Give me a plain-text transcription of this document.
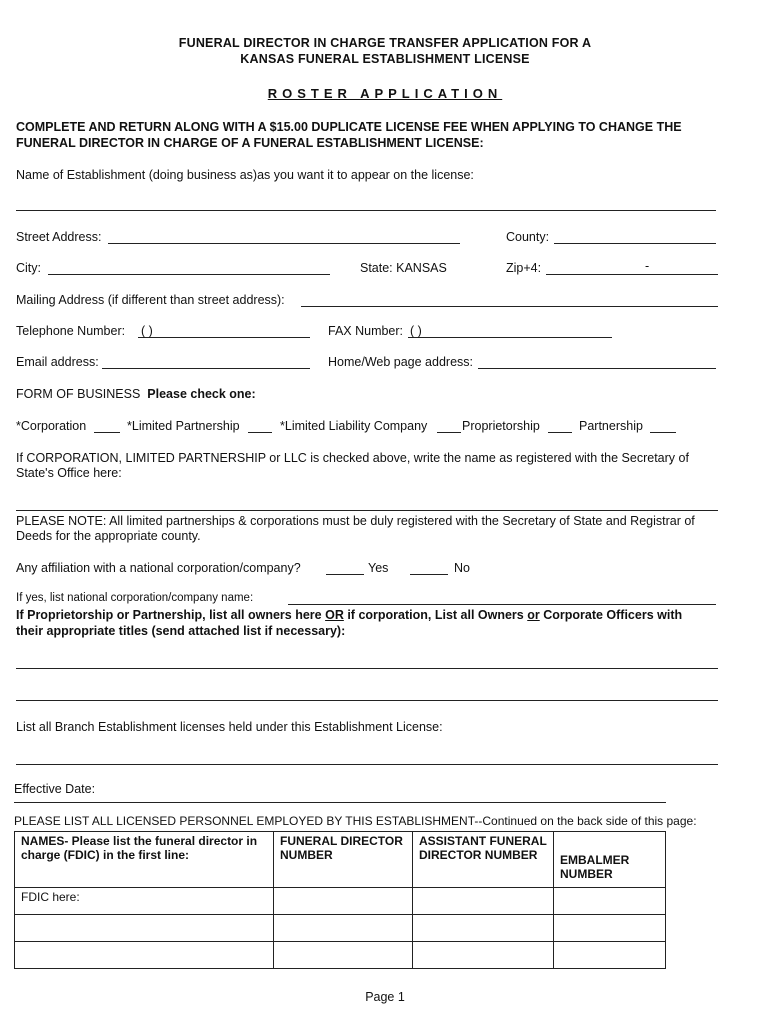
FUNERAL DIRECTOR IN CHARGE TRANSFER APPLICATION FOR A
KANSAS FUNERAL ESTABLISHMENT LICENSE
ROSTER APPLICATION
COMPLETE AND RETURN ALONG WITH A $15.00 DUPLICATE LICENSE FEE WHEN APPLYING TO CHANGE THE
FUNERAL DIRECTOR IN CHARGE OF A FUNERAL ESTABLISHMENT LICENSE:
Name of Establishment (doing business as)as you want it to appear on the license:
Street Address:	County:
City:	State: KANSAS	Zip+4:	-
Mailing Address (if different than street address):
Telephone Number: ( )	FAX Number: ( )
Email address:	Home/Web page address:
FORM OF BUSINESS Please check one:
*Corporation	*Limited Partnership	*Limited Liability Company	Proprietorship	Partnership
If CORPORATION, LIMITED PARTNERSHIP or LLC is checked above, write the name as registered with the Secretary of
State's Office here:
PLEASE NOTE: All limited partnerships & corporations must be duly registered with the Secretary of State and Registrar of
Deeds for the appropriate county.
Any affiliation with a national corporation/company?	Yes	No
If yes, list national corporation/company name:
If Proprietorship or Partnership, list all owners here OR if corporation, List all Owners or Corporate Officers with
their appropriate titles (send attached list if necessary):
List all Branch Establishment licenses held under this Establishment License:
Effective Date:
PLEASE LIST ALL LICENSED PERSONNEL EMPLOYED BY THIS ESTABLISHMENT--Continued on the back side of this page:
NAMES- Please list the funeral director in charge (FDIC) in the first line:	FUNERAL DIRECTOR NUMBER	ASSISTANT FUNERAL DIRECTOR NUMBER	EMBALMER NUMBER
FDIC here:			

Page 1
